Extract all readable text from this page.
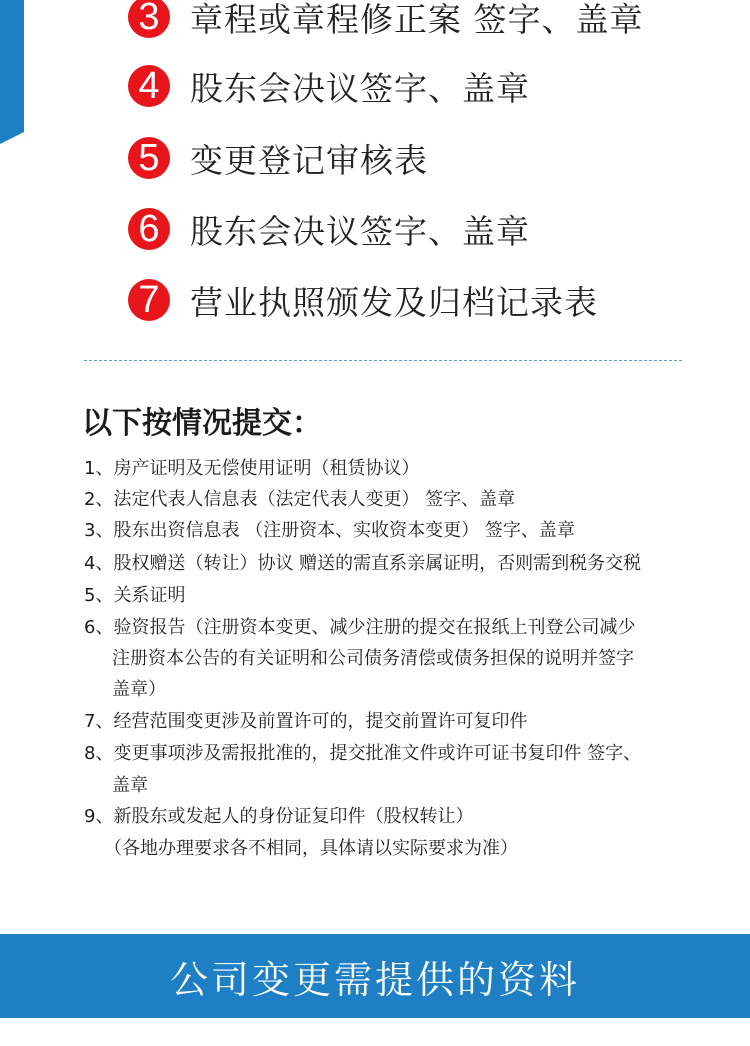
3 章程或章程修正案 签字、盖章
4 股东会决议签字、盖章
5 变更登记审核表
6 股东会决议签字、盖章
7 营业执照颁发及归档记录表
以下按情况提交：
1、房产证明及无偿使用证明（租赁协议）
2、法定代表人信息表（法定代表人变更） 签字、盖章
3、股东出资信息表 （注册资本、实收资本变更） 签字、盖章
4、股权赠送（转让）协议 赠送的需直系亲属证明，否则需到税务交税
5、关系证明
6、验资报告（注册资本变更、减少注册的提交在报纸上刊登公司减少
注册资本公告的有关证明和公司债务清偿或债务担保的说明并签字
盖章）
7、经营范围变更涉及前置许可的，提交前置许可复印件
8、变更事项涉及需报批准的，提交批准文件或许可证书复印件 签字、
盖章
9、新股东或发起人的身份证复印件（股权转让）
（各地办理要求各不相同，具体请以实际要求为准）
公司变更需提供的资料
